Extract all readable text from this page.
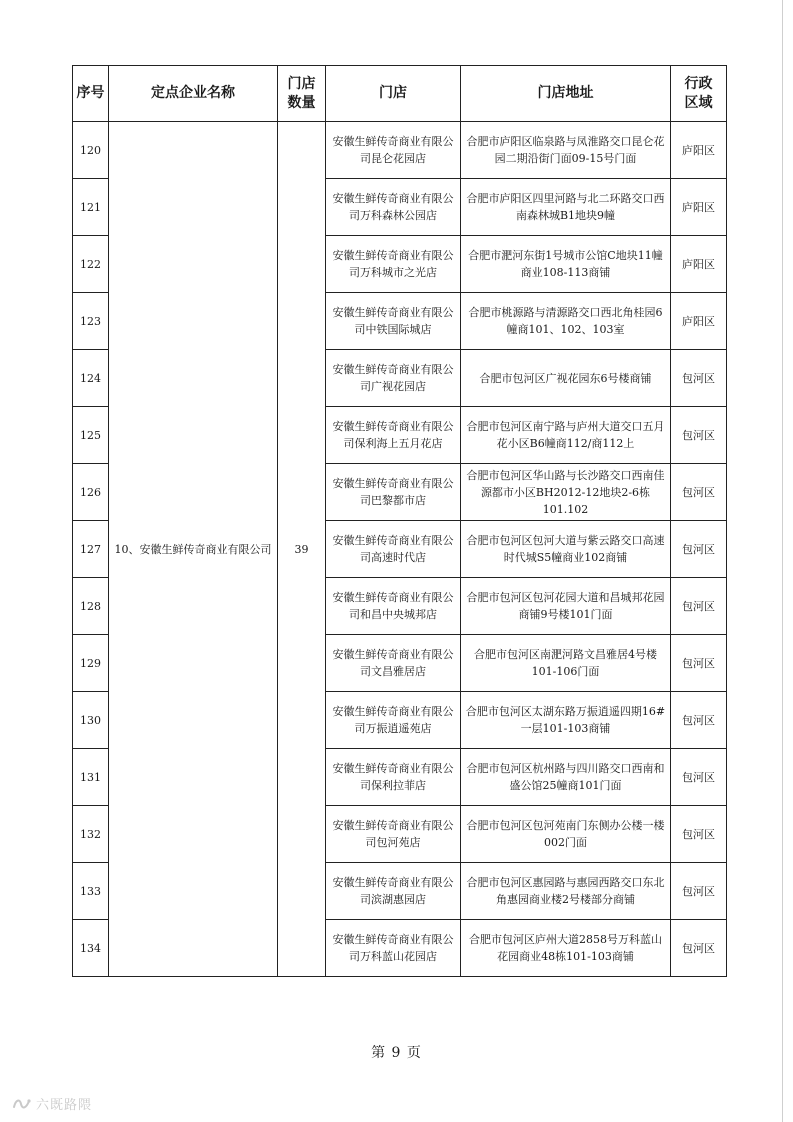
序号	定点企业名称	门店数量	门店	门店地址	行政区域
120	10、安徽生鲜传奇商业有限公司	39	安徽生鲜传奇商业有限公司昆仑花园店	合肥市庐阳区临泉路与凤淮路交口昆仑花园二期沿街门面09-15号门面	庐阳区
121			安徽生鲜传奇商业有限公司万科森林公园店	合肥市庐阳区四里河路与北二环路交口西南森林城B1地块9幢	庐阳区
122			安徽生鲜传奇商业有限公司万科城市之光店	合肥市淝河东街1号城市公馆C地块11幢商业108-113商铺	庐阳区
123			安徽生鲜传奇商业有限公司中铁国际城店	合肥市桃源路与清源路交口西北角桂园6幢商101、102、103室	庐阳区
124			安徽生鲜传奇商业有限公司广视花园店	合肥市包河区广视花园东6号楼商铺	包河区
125			安徽生鲜传奇商业有限公司保利海上五月花店	合肥市包河区南宁路与庐州大道交口五月花小区B6幢商112/商112上	包河区
126			安徽生鲜传奇商业有限公司巴黎都市店	合肥市包河区华山路与长沙路交口西南佳源都市小区BH2012-12地块2-6栋101.102	包河区
127			安徽生鲜传奇商业有限公司高速时代店	合肥市包河区包河大道与紫云路交口高速时代城S5幢商业102商铺	包河区
128			安徽生鲜传奇商业有限公司和昌中央城邦店	合肥市包河区包河花园大道和昌城邦花园商铺9号楼101门面	包河区
129			安徽生鲜传奇商业有限公司文昌雅居店	合肥市包河区南淝河路文昌雅居4号楼101-106门面	包河区
130			安徽生鲜传奇商业有限公司万振逍遥苑店	合肥市包河区太湖东路万振逍遥四期16#一层101-103商铺	包河区
131			安徽生鲜传奇商业有限公司保利拉菲店	合肥市包河区杭州路与四川路交口西南和盛公馆25幢商101门面	包河区
132			安徽生鲜传奇商业有限公司包河苑店	合肥市包河区包河苑南门东侧办公楼一楼002门面	包河区
133			安徽生鲜传奇商业有限公司滨湖惠园店	合肥市包河区惠园路与惠园西路交口东北角惠园商业楼2号楼部分商铺	包河区
134			安徽生鲜传奇商业有限公司万科蓝山花园店	合肥市包河区庐州大道2858号万科蓝山花园商业48栋101-103商铺	包河区
第 9 页
六既路隈
